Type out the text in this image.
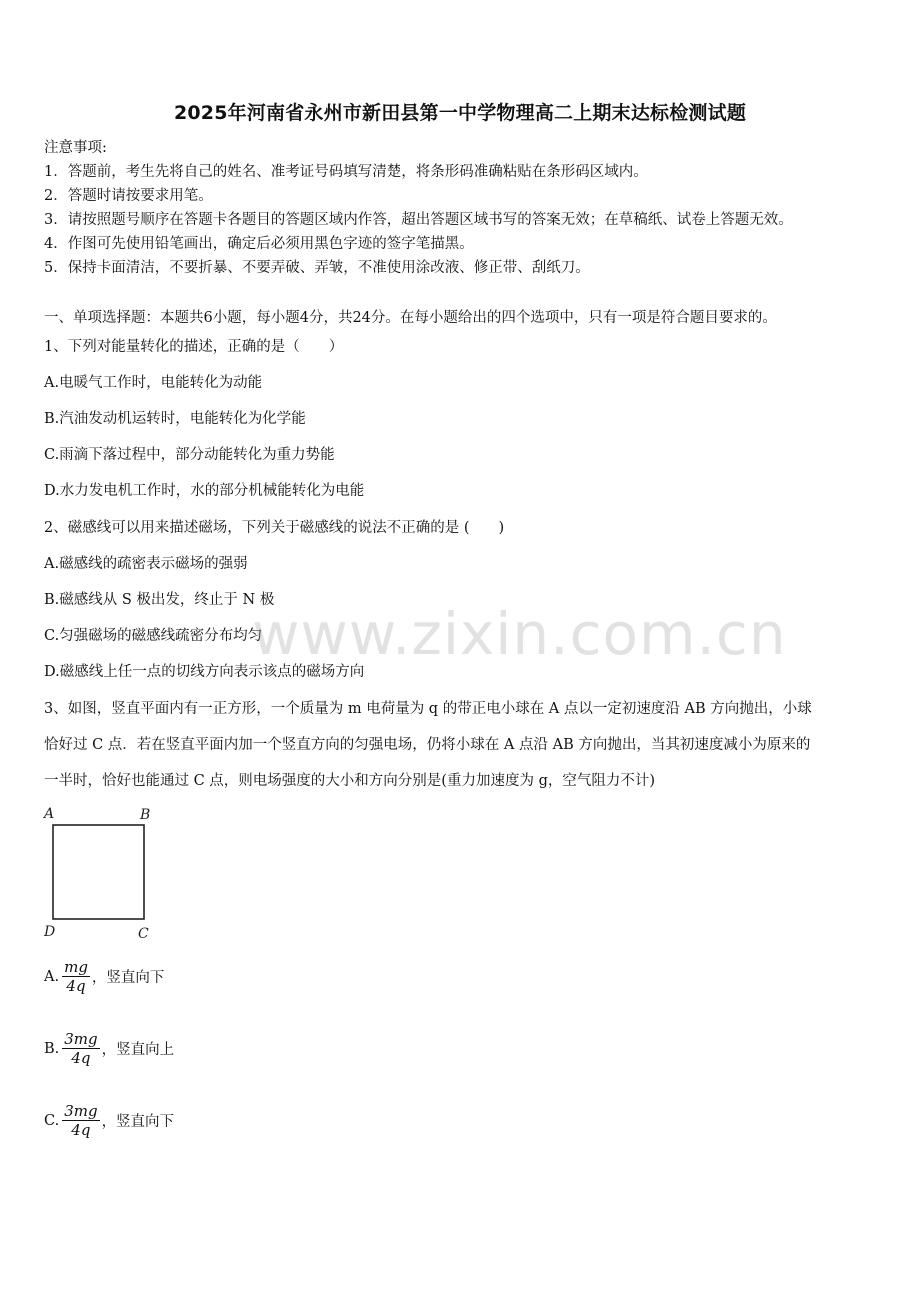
2025年河南省永州市新田县第一中学物理高二上期末达标检测试题
注意事项:
1．答题前，考生先将自己的姓名、准考证号码填写清楚，将条形码准确粘贴在条形码区域内。
2．答题时请按要求用笔。
3．请按照题号顺序在答题卡各题目的答题区域内作答，超出答题区域书写的答案无效；在草稿纸、试卷上答题无效。
4．作图可先使用铅笔画出，确定后必须用黑色字迹的签字笔描黑。
5．保持卡面清洁，不要折暴、不要弄破、弄皱，不准使用涂改液、修正带、刮纸刀。
一、单项选择题：本题共6小题，每小题4分，共24分。在每小题给出的四个选项中，只有一项是符合题目要求的。
1、下列对能量转化的描述，正确的是（　　）
A.电暖气工作时，电能转化为动能
B.汽油发动机运转时，电能转化为化学能
C.雨滴下落过程中，部分动能转化为重力势能
D.水力发电机工作时，水的部分机械能转化为电能
2、磁感线可以用来描述磁场，下列关于磁感线的说法不正确的是 (　　)
A.磁感线的疏密表示磁场的强弱
B.磁感线从 S 极出发，终止于 N 极
C.匀强磁场的磁感线疏密分布均匀
D.磁感线上任一点的切线方向表示该点的磁场方向
www.zixin.com.cn
3、如图，竖直平面内有一正方形，一个质量为 m 电荷量为 q 的带正电小球在 A 点以一定初速度沿 AB 方向抛出，小球
恰好过 C 点．若在竖直平面内加一个竖直方向的匀强电场，仍将小球在 A 点沿 AB 方向抛出，当其初速度减小为原来的
一半时，恰好也能通过 C 点，则电场强度的大小和方向分别是(重力加速度为 g，空气阻力不计)
A	B
D	C
A. $\frac{mg}{4q}$ ，竖直向下
B. $\frac{3mg}{4q}$ ，竖直向上
C. $\frac{3mg}{4q}$ ，竖直向下
